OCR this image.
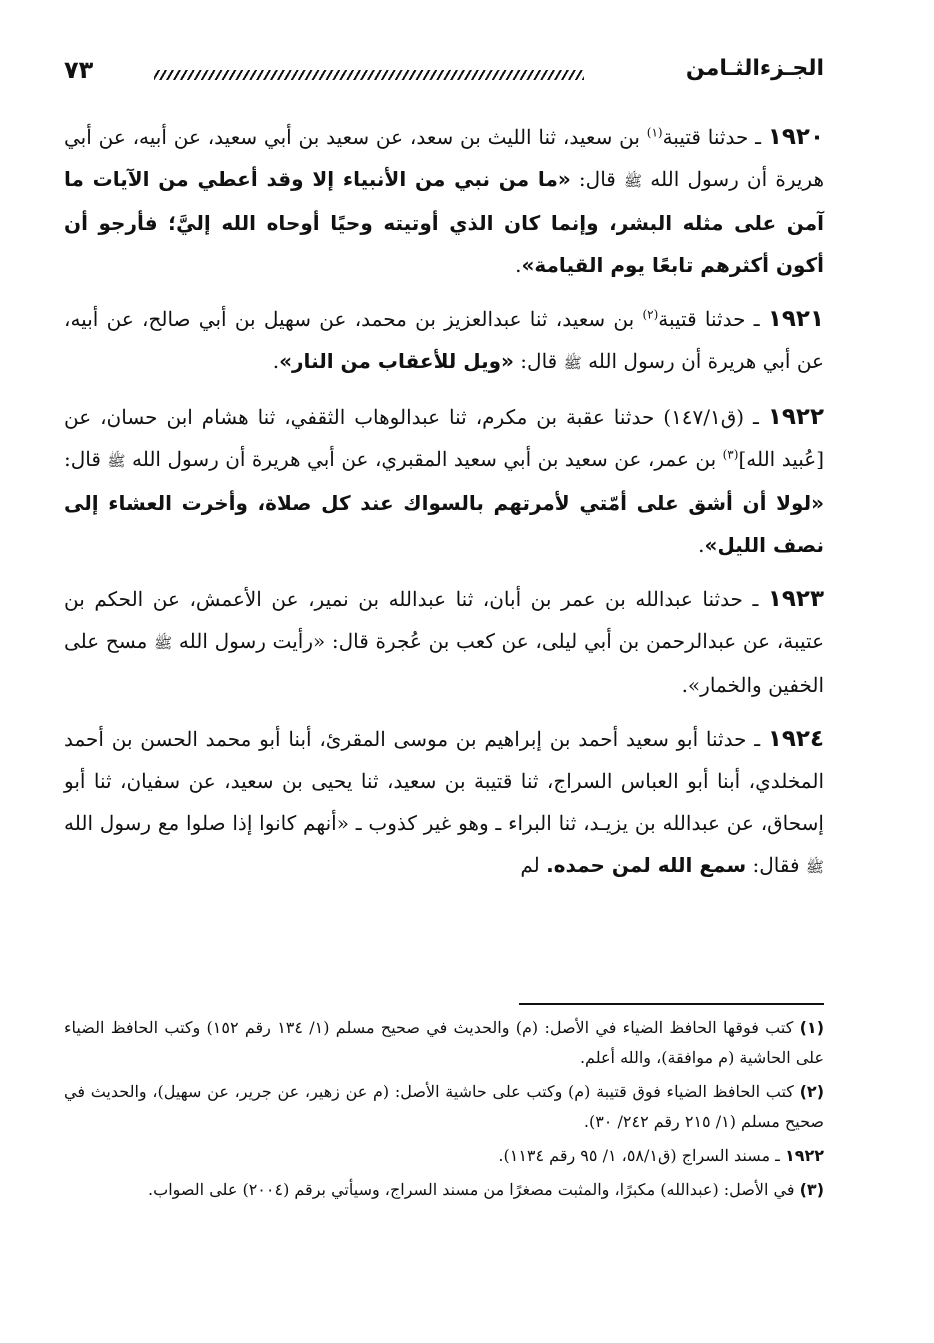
الجـزءالثـامن
٧٣

١٩٢٠ ـ حدثنا قتيبة$^{(١)}$ بن سعيد، ثنا الليث بن سعد، عن سعيد بن أبي سعيد، عن أبيه، عن أبي هريرة أن رسول الله ﷺ قال: «ما من نبي من الأنبياء إلا وقد أعطي من الآيات ما آمن على مثله البشر، وإنما كان الذي أوتيته وحيًا أوحاه الله إليَّ؛ فأرجو أن أكون أكثرهم تابعًا يوم القيامة».

١٩٢١ ـ حدثنا قتيبة$^{(٢)}$ بن سعيد، ثنا عبدالعزيز بن محمد، عن سهيل بن أبي صالح، عن أبيه، عن أبي هريرة أن رسول الله ﷺ قال: «ويل للأعقاب من النار».

١٩٢٢ ـ (ق١٤٧/١) حدثنا عقبة بن مكرم، ثنا عبدالوهاب الثقفي، ثنا هشام ابن حسان، عن [عُبيد الله]$^{(٣)}$ بن عمر، عن سعيد بن أبي سعيد المقبري، عن أبي هريرة أن رسول الله ﷺ قال: «لولا أن أشق على أمّتي لأمرتهم بالسواك عند كل صلاة، وأخرت العشاء إلى نصف الليل».

١٩٢٣ ـ حدثنا عبدالله بن عمر بن أبان، ثنا عبدالله بن نمير، عن الأعمش، عن الحكم بن عتيبة، عن عبدالرحمن بن أبي ليلى، عن كعب بن عُجرة قال: «رأيت رسول الله ﷺ مسح على الخفين والخمار».

١٩٢٤ ـ حدثنا أبو سعيد أحمد بن إبراهيم بن موسى المقرئ، أبنا أبو محمد الحسن بن أحمد المخلدي، أبنا أبو العباس السراج، ثنا قتيبة بن سعيد، ثنا يحيى بن سعيد، عن سفيان، ثنا أبو إسحاق، عن عبدالله بن يزيـد، ثنا البراء ـ وهو غير كذوب ـ «أنهم كانوا إذا صلوا مع رسول الله ﷺ فقال: سمع الله لمن حمده. لم

(١) كتب فوقها الحافظ الضياء في الأصل: (م) والحديث في صحيح مسلم (١/ ١٣٤ رقم ١٥٢) وكتب الحافظ الضياء على الحاشية (م موافقة)، والله أعلم.

(٢) كتب الحافظ الضياء فوق قتيبة (م) وكتب على حاشية الأصل: (م عن زهير، عن جرير، عن سهيل)، والحديث في صحيح مسلم (١/ ٢١٥ رقم ٢٤٢/ ٣٠).

١٩٢٢ ـ مسند السراج (ق٥٨/١، ١/ ٩٥ رقم ١١٣٤).

(٣) في الأصل: (عبدالله) مكبرًا، والمثبت مصغرًا من مسند السراج، وسيأتي برقم (٢٠٠٤) على الصواب.
